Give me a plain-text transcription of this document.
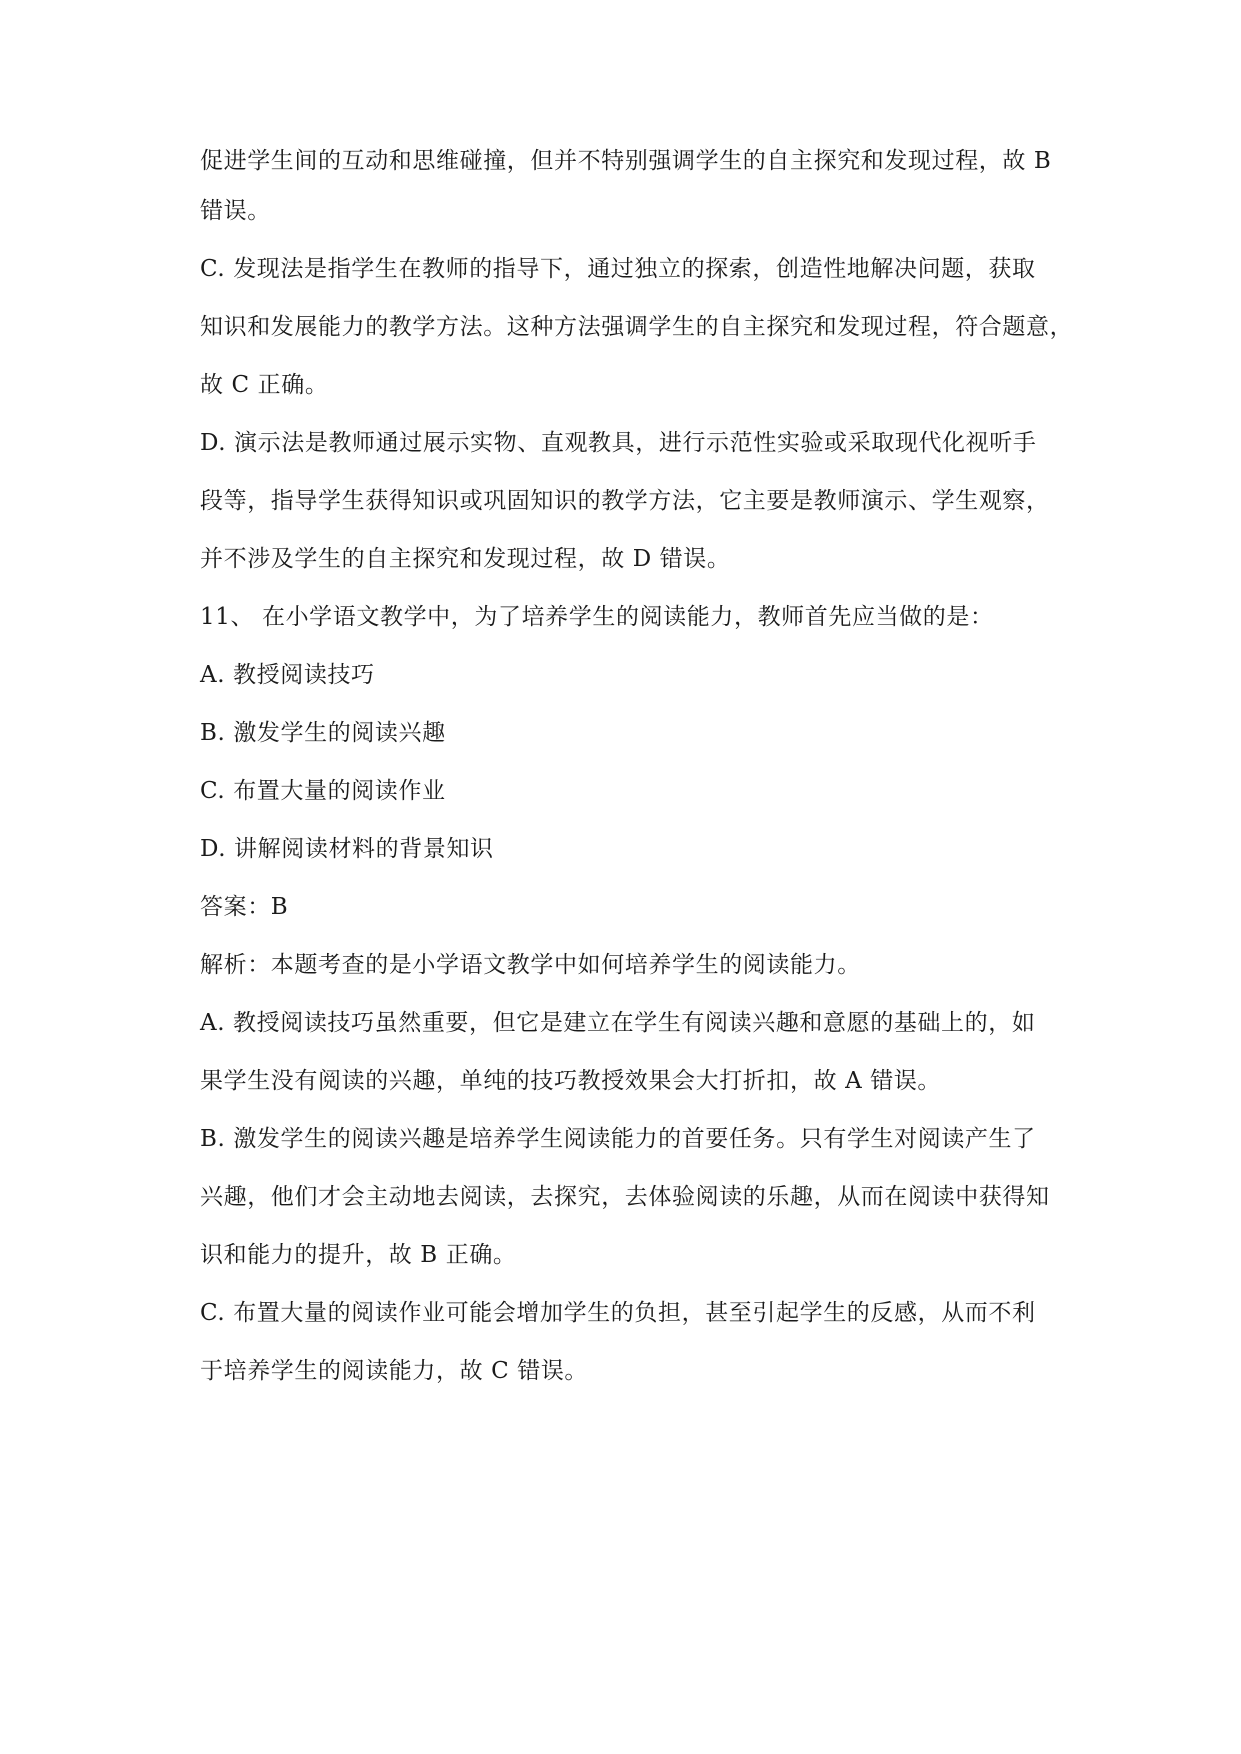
促进学生间的互动和思维碰撞，但并不特别强调学生的自主探究和发现过程，故 B
错误。
C. 发现法是指学生在教师的指导下，通过独立的探索，创造性地解决问题，获取
知识和发展能力的教学方法。这种方法强调学生的自主探究和发现过程，符合题意，
故 C 正确。
D. 演示法是教师通过展示实物、直观教具，进行示范性实验或采取现代化视听手
段等，指导学生获得知识或巩固知识的教学方法，它主要是教师演示、学生观察，
并不涉及学生的自主探究和发现过程，故 D 错误。
11、 在小学语文教学中，为了培养学生的阅读能力，教师首先应当做的是：
A. 教授阅读技巧
B. 激发学生的阅读兴趣
C. 布置大量的阅读作业
D. 讲解阅读材料的背景知识
答案：B
解析：本题考查的是小学语文教学中如何培养学生的阅读能力。
A. 教授阅读技巧虽然重要，但它是建立在学生有阅读兴趣和意愿的基础上的，如
果学生没有阅读的兴趣，单纯的技巧教授效果会大打折扣，故 A 错误。
B. 激发学生的阅读兴趣是培养学生阅读能力的首要任务。只有学生对阅读产生了
兴趣，他们才会主动地去阅读，去探究，去体验阅读的乐趣，从而在阅读中获得知
识和能力的提升，故 B 正确。
C. 布置大量的阅读作业可能会增加学生的负担，甚至引起学生的反感，从而不利
于培养学生的阅读能力，故 C 错误。
